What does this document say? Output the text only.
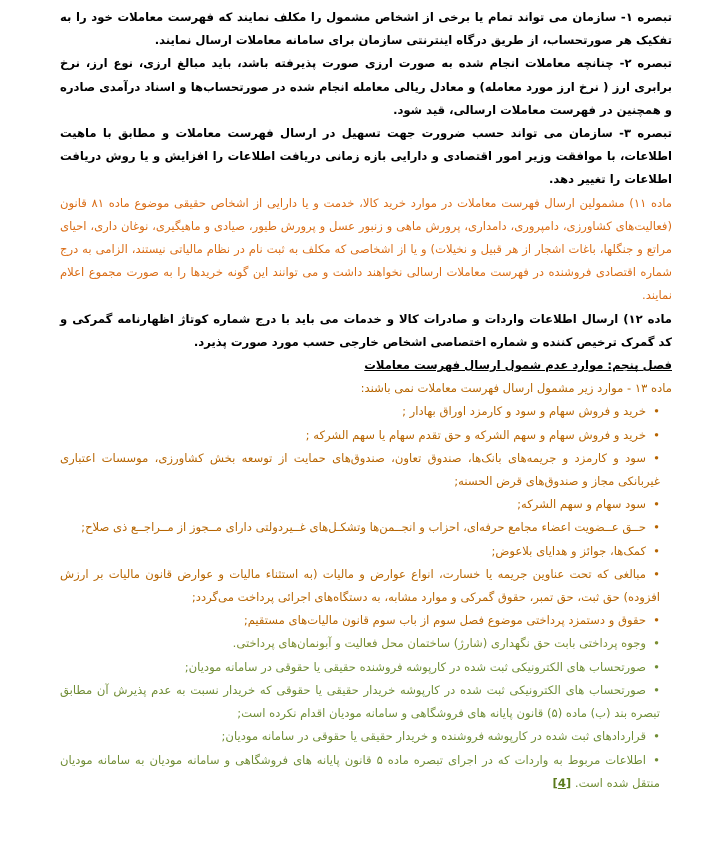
تبصره ۱- سازمان می تواند تمام یا برخی از اشخاص مشمول را مکلف نمایند که فهرست معاملات خود را به تفکیک هر صورتحساب، از طریق درگاه اینترنتی سازمان برای سامانه معاملات ارسال نمایند.

تبصره ۲- چنانچه معاملات انجام شده به صورت ارزی صورت پذیرفته باشد، باید مبالغ ارزی، نوع ارز، نرخ برابری ارز ( نرخ ارز مورد معامله) و معادل ریالی معامله انجام شده در صورتحساب‌ها و اسناد درآمدی صادره و همچنین در فهرست معاملات ارسالی، قید شود.

تبصره ۳- سازمان می تواند حسب ضرورت جهت تسهیل در ارسال فهرست معاملات و مطابق با ماهیت اطلاعات، با موافقت وزیر امور اقتصادی و دارایی بازه زمانی دریافت اطلاعات را افزایش و یا روش دریافت اطلاعات را تغییر دهد.

ماده ۱۱) مشمولین ارسال فهرست معاملات در موارد خرید کالا، خدمت و یا دارایی از اشخاص حقیقی موضوع ماده ۸۱ قانون (فعالیت‌های کشاورزی، دامپروری، دامداری، پرورش ماهی و زنبور عسل و پرورش طیور، صیادی و ماهیگیری، نوغان داری، احیای مراتع و جنگلها، باغات اشجار از هر قبیل و نخیلات) و یا از اشخاصی که مکلف به ثبت نام در نظام مالیاتی نیستند، الزامی به درج شماره اقتصادی فروشنده در فهرست معاملات ارسالی نخواهند داشت و می توانند این گونه خریدها را به صورت مجموع اعلام نمایند.

ماده ۱۲) ارسال اطلاعات واردات و صادرات کالا و خدمات می باید با درج شماره کوتاژ اظهارنامه گمرکی و کد گمرک ترخیص کننده و شماره اختصاصی اشخاص خارجی حسب مورد صورت پذیرد.

فصل پنجم: موارد عدم شمول ارسال فهرست معاملات

ماده ۱۳ - موارد زیر مشمول ارسال فهرست معاملات نمی باشند:

•خرید و فروش سهام و سود و کارمزد اوراق بهادار ;

•خرید و فروش سهام و سهم الشرکه و حق تقدم سهام یا سهم الشرکه ;

•سود و کارمزد و جریمه‌های بانک‌ها، صندوق تعاون، صندوق‌های حمایت از توسعه بخش کشاورزی، موسسات اعتباری غیربانکی مجاز و صندوق‌های قرض الحسنه;

•سود سهام و سهم الشرکه;

•حــق عــضویت اعضاء مجامع حرفه‌ای، احزاب و انجــمن‌ها وتشکـل‌های غــیردولتی دارای مــجوز از مــراجــع ذی صلاح;

•کمک‌ها، جوائز و هدایای بلاعوض;

•مبالغی که تحت عناوین جریمه یا خسارت، انواع عوارض و مالیات (به استثناء مالیات و عوارض قانون مالیات بر ارزش افزوده) حق ثبت، حق تمبر، حقوق گمرکی و موارد مشابه، به دستگاه‌های اجرائی پرداخت می‌گردد;

•حقوق و دستمزد پرداختی موضوع فصل سوم از باب سوم قانون مالیات‌های مستقیم;

•وجوه پرداختی بابت حق نگهداری (شارژ) ساختمان محل فعالیت و آبونمان‌های پرداختی.

•صورتحساب های الکترونیکی ثبت شده در کارپوشه فروشنده حقیقی یا حقوقی در سامانه مودیان;

•صورتحساب های الکترونیکی ثبت شده در کارپوشه خریدار حقیقی یا حقوقی که خریدار نسبت به عدم پذیرش آن مطابق تبصره بند (ب) ماده (۵) قانون پایانه های فروشگاهی و سامانه مودیان اقدام نکرده است;

•قراردادهای ثبت شده در کارپوشه فروشنده و خریدار حقیقی یا حقوقی در سامانه مودیان;

•اطلاعات مربوط به واردات که در اجرای تبصره ماده ۵ قانون پایانه های فروشگاهی و سامانه مودیان به سامانه مودیان منتقل شده است. [4]
